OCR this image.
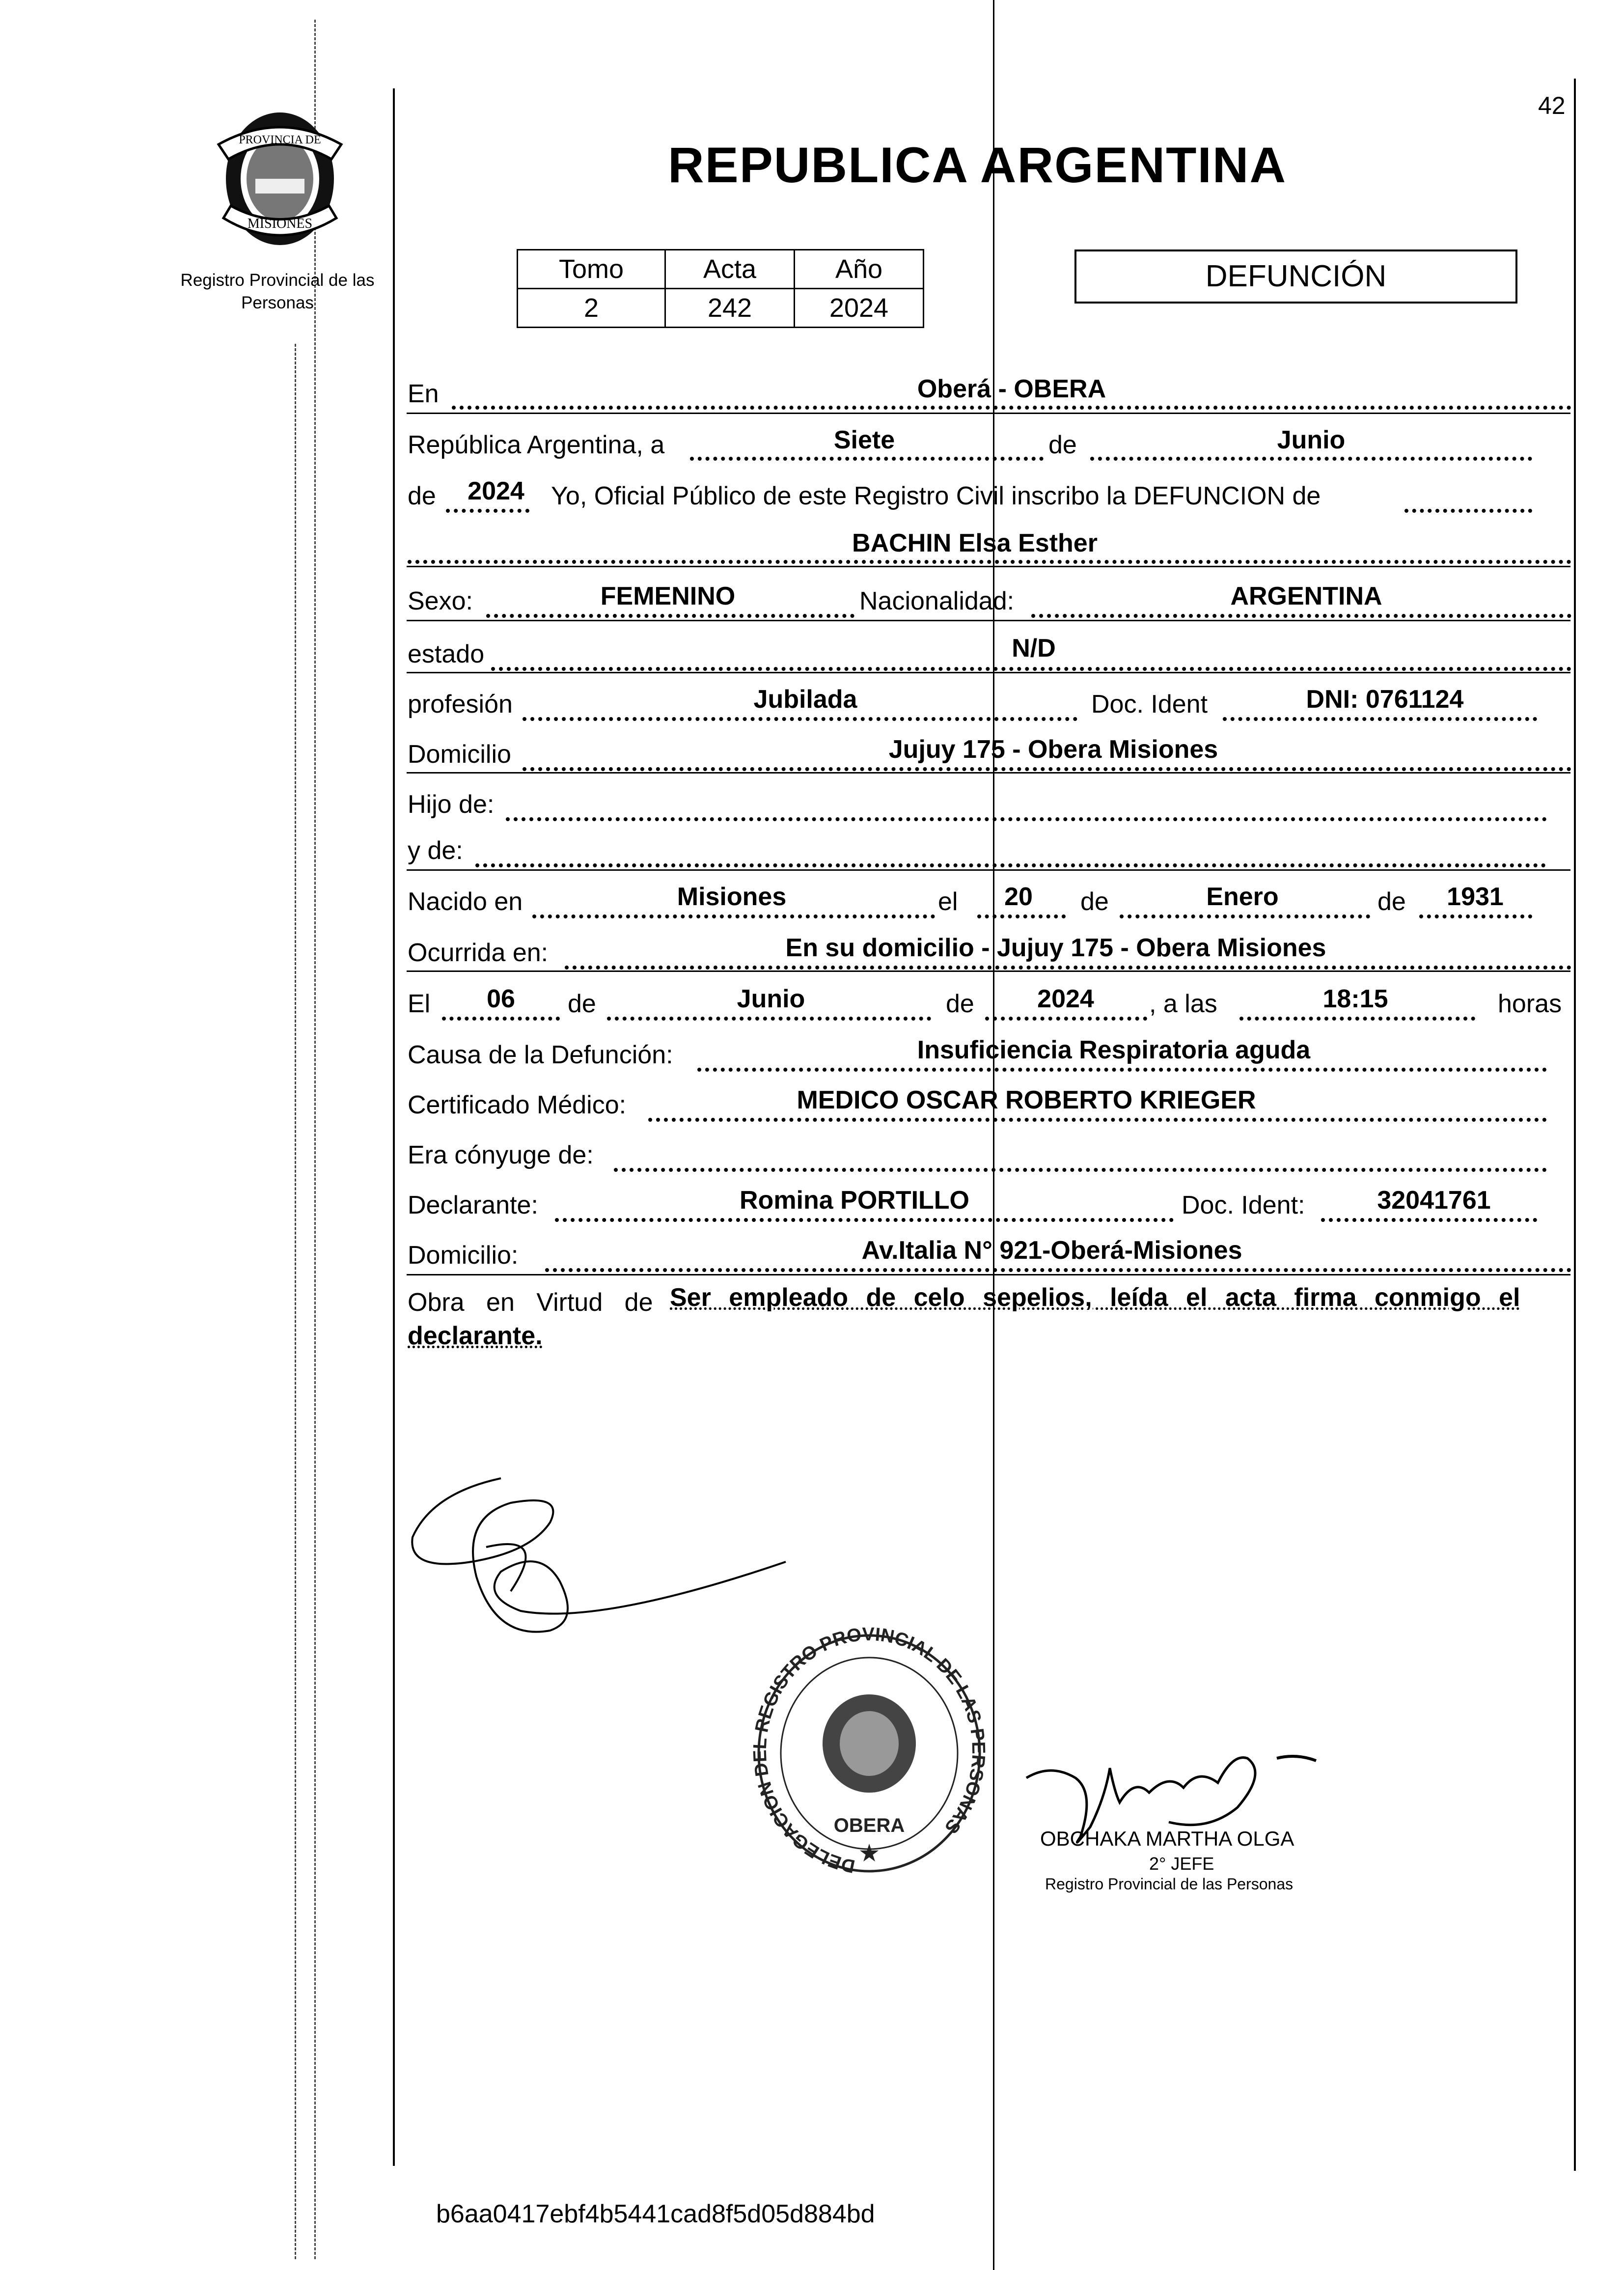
42
PROVINCIA DE
MISIONES
Registro Provincial de las Personas
REPUBLICA ARGENTINA
Tomo	Acta	Año
2	242	2024
DEFUNCIÓN
En	Oberá - OBERA
República Argentina, a	Siete	de	Junio
de 2024 Yo, Oficial Público de este Registro Civil inscribo la DEFUNCION de
BACHIN Elsa Esther
Sexo:	FEMENINO	Nacionalidad:	ARGENTINA
estado	N/D
profesión	Jubilada	Doc. Ident	DNI: 0761124
Domicilio	Jujuy 175 - Obera Misiones
Hijo de:
y de:
Nacido en	Misiones	el 20 de	Enero	de 1931
Ocurrida en:	En su domicilio - Jujuy 175 - Obera Misiones
El 06 de	Junio	de 2024 , a las	18:15	horas
Causa de la Defunción:	Insuficiencia Respiratoria aguda
Certificado Médico:	MEDICO OSCAR ROBERTO KRIEGER
Era cónyuge de:
Declarante:	Romina PORTILLO	Doc. Ident:	32041761
Domicilio:	Av.Italia N° 921-Oberá-Misiones
Obra en Virtud de Ser empleado de celo sepelios, leída el acta firma conmigo el
declarante.
DELEGACION DEL REGISTRO PROVINCIAL DE LAS PERSONAS
OBERA
★
OBCHAKA MARTHA OLGA
2° JEFE
Registro Provincial de las Personas
b6aa0417ebf4b5441cad8f5d05d884bd
